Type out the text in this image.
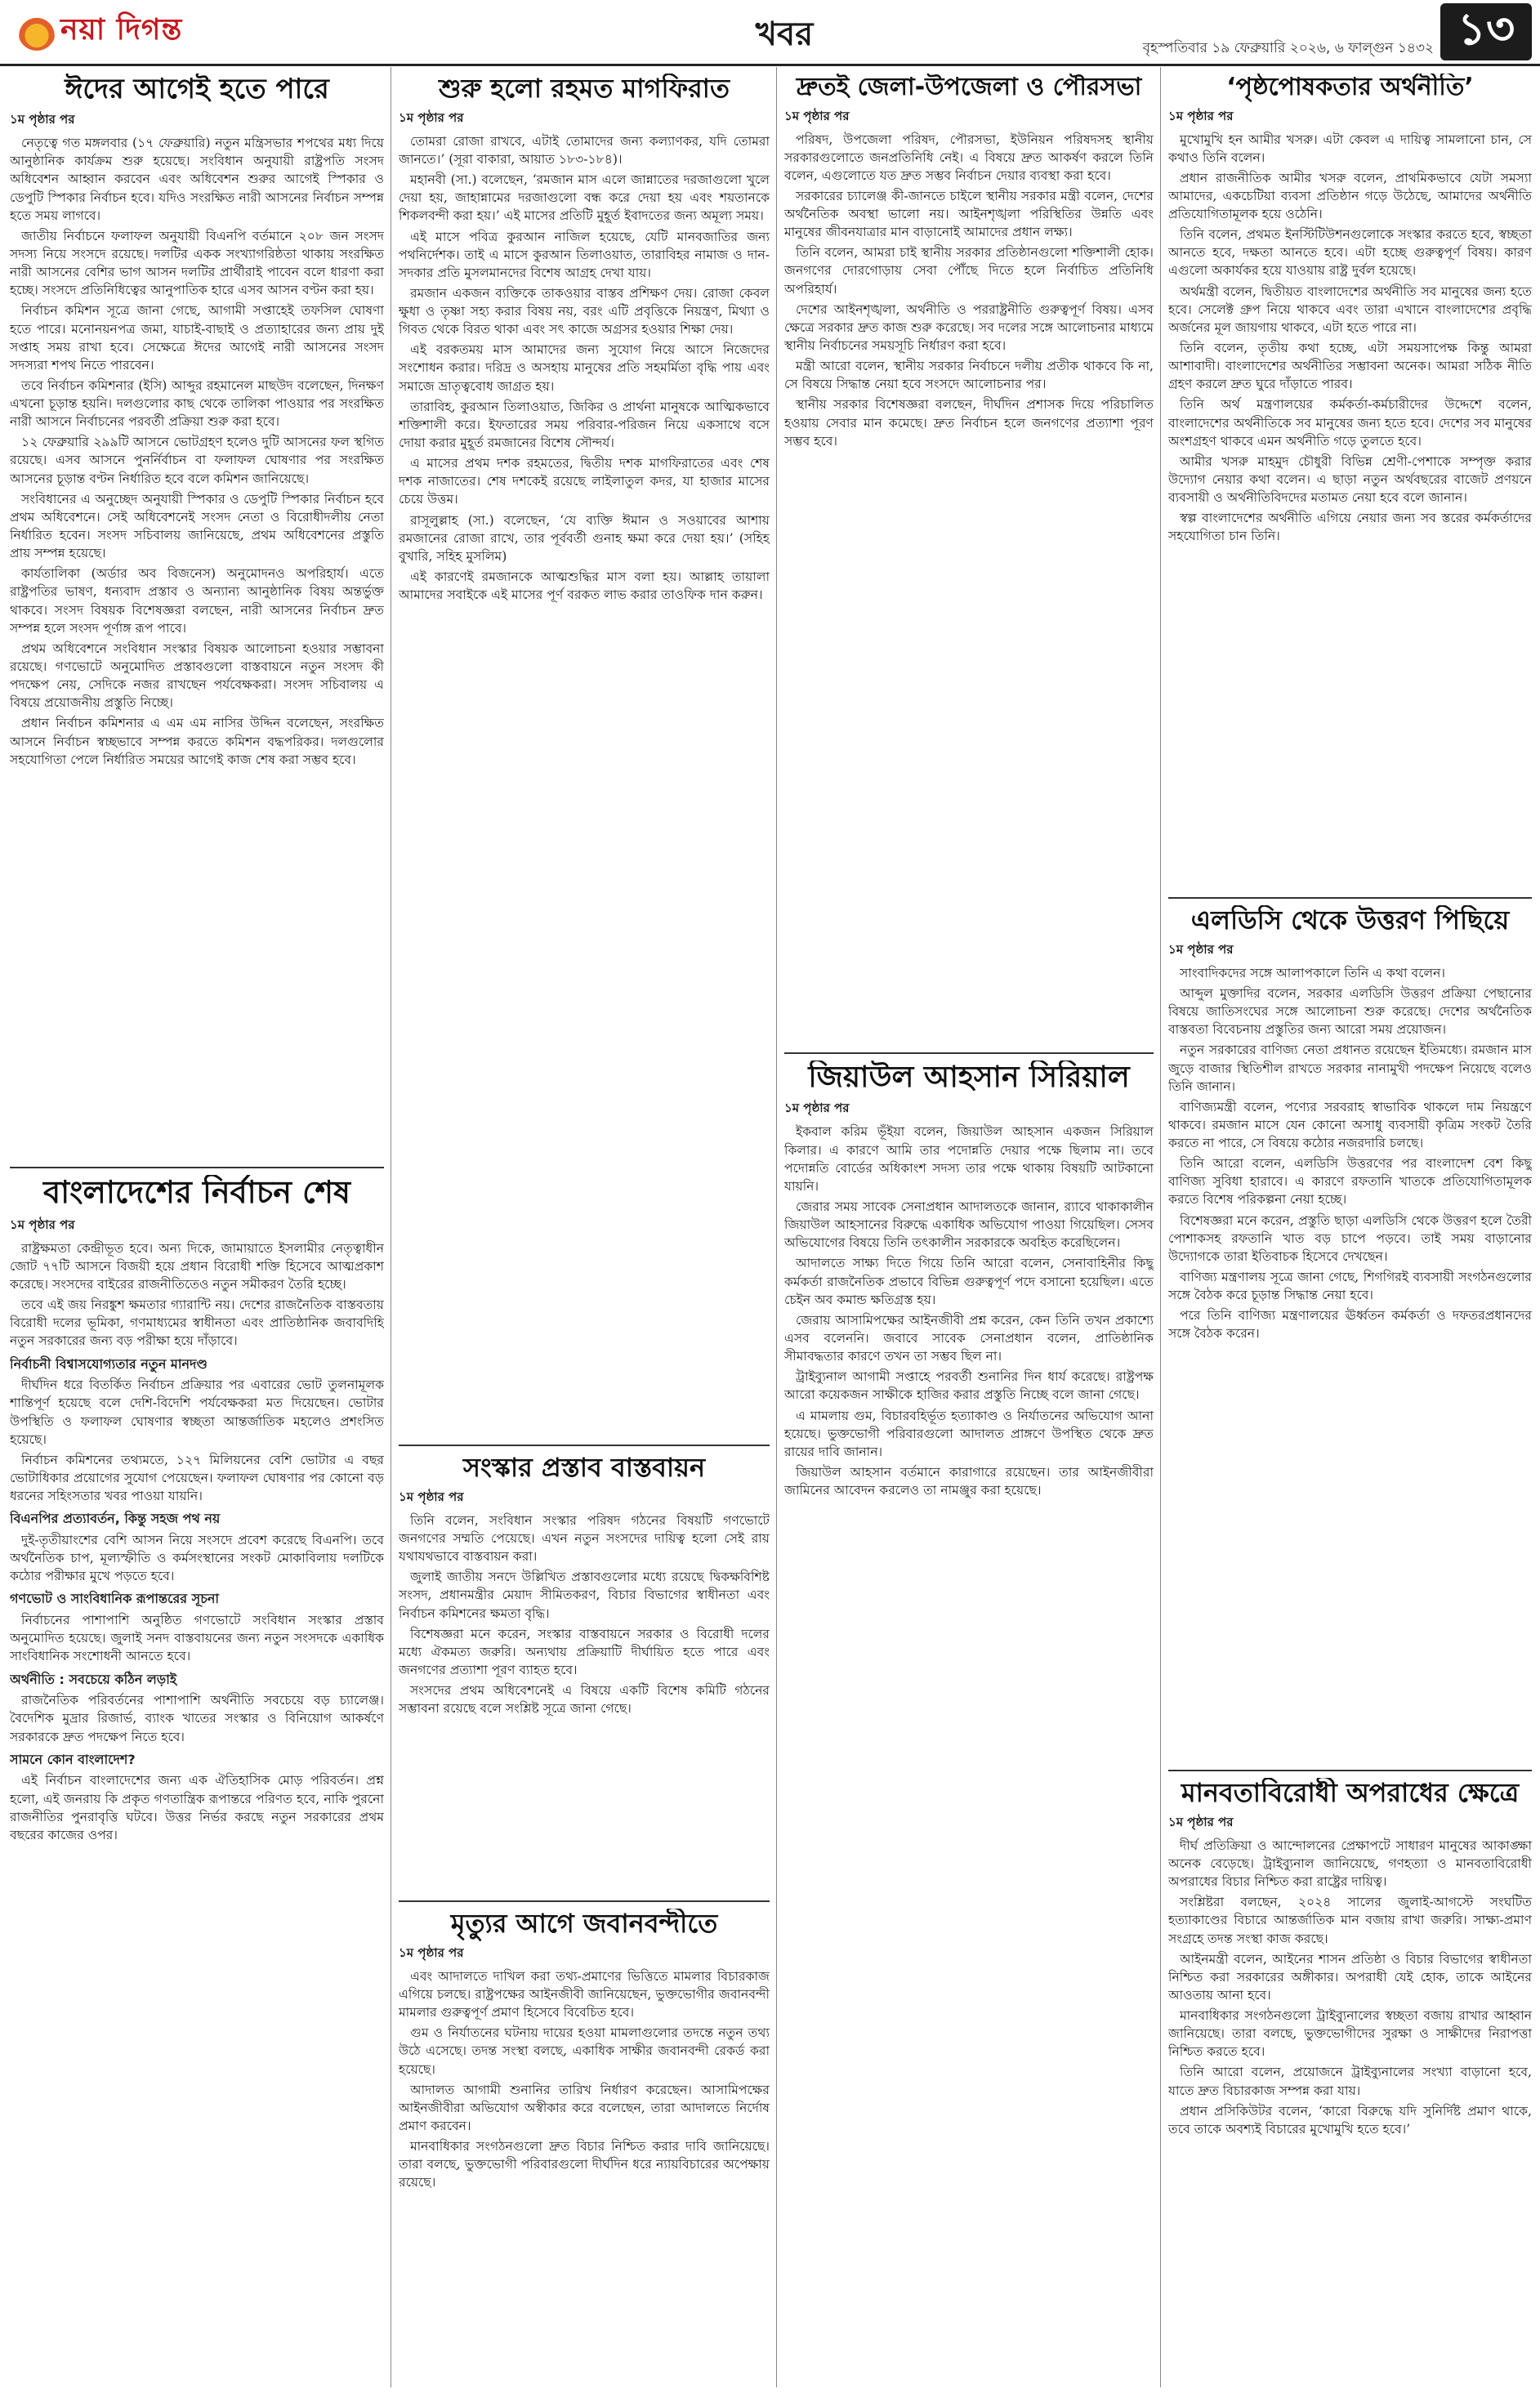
নয়া দিগন্ত	খবর	বৃহস্পতিবার ১৯ ফেব্রুয়ারি ২০২৬, ৬ ফাল্গুন ১৪৩২ ১৩
ঈদের আগেই হতে পারে
১ম পৃষ্ঠার পর

নেতৃত্বে গত মঙ্গলবার (১৭ ফেব্রুয়ারি) নতুন মন্ত্রিসভার শপথের মধ্য দিয়ে আনুষ্ঠানিক কার্যক্রম শুরু হয়েছে। সংবিধান অনুযায়ী রাষ্ট্রপতি সংসদ অধিবেশন আহ্বান করবেন এবং অধিবেশন শুরুর আগেই স্পিকার ও ডেপুটি স্পিকার নির্বাচন হবে। যদিও সংরক্ষিত নারী আসনের নির্বাচন সম্পন্ন হতে সময় লাগবে।

জাতীয় নির্বাচনে ফলাফল অনুযায়ী বিএনপি বর্তমানে ২০৮ জন সংসদ সদস্য নিয়ে সংসদে রয়েছে। দলটির একক সংখ্যাগরিষ্ঠতা থাকায় সংরক্ষিত নারী আসনের বেশির ভাগ আসন দলটির প্রার্থীরাই পাবেন বলে ধারণা করা হচ্ছে। সংসদে প্রতিনিধিত্বের আনুপাতিক হারে এসব আসন বণ্টন করা হয়।

নির্বাচন কমিশন সূত্রে জানা গেছে, আগামী সপ্তাহেই তফসিল ঘোষণা হতে পারে। মনোনয়নপত্র জমা, যাচাই-বাছাই ও প্রত্যাহারের জন্য প্রায় দুই সপ্তাহ সময় রাখা হবে। সেক্ষেত্রে ঈদের আগেই নারী আসনের সংসদ সদস্যরা শপথ নিতে পারবেন।

তবে নির্বাচন কমিশনার (ইসি) আব্দুর রহমানেল মাছউদ বলেছেন, দিনক্ষণ এখনো চূড়ান্ত হয়নি। দলগুলোর কাছ থেকে তালিকা পাওয়ার পর সংরক্ষিত নারী আসনে নির্বাচনের পরবর্তী প্রক্রিয়া শুরু করা হবে।

১২ ফেব্রুয়ারি ২৯৯টি আসনে ভোটগ্রহণ হলেও দুটি আসনের ফল স্থগিত রয়েছে। এসব আসনে পুনর্নির্বাচন বা ফলাফল ঘোষণার পর সংরক্ষিত আসনের চূড়ান্ত বণ্টন নির্ধারিত হবে বলে কমিশন জানিয়েছে।

সংবিধানের এ অনুচ্ছেদ অনুযায়ী স্পিকার ও ডেপুটি স্পিকার নির্বাচন হবে প্রথম অধিবেশনে। সেই অধিবেশনেই সংসদ নেতা ও বিরোধীদলীয় নেতা নির্ধারিত হবেন। সংসদ সচিবালয় জানিয়েছে, প্রথম অধিবেশনের প্রস্তুতি প্রায় সম্পন্ন হয়েছে।

কার্যতালিকা (অর্ডার অব বিজনেস) অনুমোদনও অপরিহার্য। এতে রাষ্ট্রপতির ভাষণ, ধন্যবাদ প্রস্তাব ও অন্যান্য আনুষ্ঠানিক বিষয় অন্তর্ভুক্ত থাকবে। সংসদ বিষয়ক বিশেষজ্ঞরা বলছেন, নারী আসনের নির্বাচন দ্রুত সম্পন্ন হলে সংসদ পূর্ণাঙ্গ রূপ পাবে।

প্রথম অধিবেশনে সংবিধান সংস্কার বিষয়ক আলোচনা হওয়ার সম্ভাবনা রয়েছে। গণভোটে অনুমোদিত প্রস্তাবগুলো বাস্তবায়নে নতুন সংসদ কী পদক্ষেপ নেয়, সেদিকে নজর রাখছেন পর্যবেক্ষকরা। সংসদ সচিবালয় এ বিষয়ে প্রয়োজনীয় প্রস্তুতি নিচ্ছে।

প্রধান নির্বাচন কমিশনার এ এম এম নাসির উদ্দিন বলেছেন, সংরক্ষিত আসনে নির্বাচন স্বচ্ছভাবে সম্পন্ন করতে কমিশন বদ্ধপরিকর। দলগুলোর সহযোগিতা পেলে নির্ধারিত সময়ের আগেই কাজ শেষ করা সম্ভব হবে।

বাংলাদেশের নির্বাচন শেষ
১ম পৃষ্ঠার পর

রাষ্ট্রক্ষমতা কেন্দ্রীভূত হবে। অন্য দিকে, জামায়াতে ইসলামীর নেতৃত্বাধীন জোট ৭৭টি আসনে বিজয়ী হয়ে প্রধান বিরোধী শক্তি হিসেবে আত্মপ্রকাশ করেছে। সংসদের বাইরের রাজনীতিতেও নতুন সমীকরণ তৈরি হচ্ছে।

তবে এই জয় নিরঙ্কুশ ক্ষমতার গ্যারান্টি নয়। দেশের রাজনৈতিক বাস্তবতায় বিরোধী দলের ভূমিকা, গণমাধ্যমের স্বাধীনতা এবং প্রাতিষ্ঠানিক জবাবদিহি নতুন সরকারের জন্য বড় পরীক্ষা হয়ে দাঁড়াবে।

নির্বাচনী বিশ্বাসযোগ্যতার নতুন মানদণ্ড

দীর্ঘদিন ধরে বিতর্কিত নির্বাচন প্রক্রিয়ার পর এবারের ভোট তুলনামূলক শান্তিপূর্ণ হয়েছে বলে দেশি-বিদেশি পর্যবেক্ষকরা মত দিয়েছেন। ভোটার উপস্থিতি ও ফলাফল ঘোষণার স্বচ্ছতা আন্তর্জাতিক মহলেও প্রশংসিত হয়েছে।

নির্বাচন কমিশনের তথ্যমতে, ১২৭ মিলিয়নের বেশি ভোটার এ বছর ভোটাধিকার প্রয়োগের সুযোগ পেয়েছেন। ফলাফল ঘোষণার পর কোনো বড় ধরনের সহিংসতার খবর পাওয়া যায়নি।

বিএনপির প্রত্যাবর্তন, কিন্তু সহজ পথ নয়

দুই-তৃতীয়াংশের বেশি আসন নিয়ে সংসদে প্রবেশ করেছে বিএনপি। তবে অর্থনৈতিক চাপ, মূল্যস্ফীতি ও কর্মসংস্থানের সংকট মোকাবিলায় দলটিকে কঠোর পরীক্ষার মুখে পড়তে হবে।

গণভোট ও সাংবিধানিক রূপান্তরের সূচনা

নির্বাচনের পাশাপাশি অনুষ্ঠিত গণভোটে সংবিধান সংস্কার প্রস্তাব অনুমোদিত হয়েছে। জুলাই সনদ বাস্তবায়নের জন্য নতুন সংসদকে একাধিক সাংবিধানিক সংশোধনী আনতে হবে।

অর্থনীতি : সবচেয়ে কঠিন লড়াই

রাজনৈতিক পরিবর্তনের পাশাপাশি অর্থনীতি সবচেয়ে বড় চ্যালেঞ্জ। বৈদেশিক মুদ্রার রিজার্ভ, ব্যাংক খাতের সংস্কার ও বিনিয়োগ আকর্ষণে সরকারকে দ্রুত পদক্ষেপ নিতে হবে।

সামনে কোন বাংলাদেশ?

এই নির্বাচন বাংলাদেশের জন্য এক ঐতিহাসিক মোড় পরিবর্তন। প্রশ্ন হলো, এই জনরায় কি প্রকৃত গণতান্ত্রিক রূপান্তরে পরিণত হবে, নাকি পুরনো রাজনীতির পুনরাবৃত্তি ঘটবে। উত্তর নির্ভর করছে নতুন সরকারের প্রথম বছরের কাজের ওপর।

শুরু হলো রহমত মাগফিরাত
১ম পৃষ্ঠার পর

তোমরা রোজা রাখবে, এটাই তোমাদের জন্য কল্যাণকর, যদি তোমরা জানতে।’ (সূরা বাকারা, আয়াত ১৮৩-১৮৪)।

মহানবী (সা.) বলেছেন, ‘রমজান মাস এলে জান্নাতের দরজাগুলো খুলে দেয়া হয়, জাহান্নামের দরজাগুলো বন্ধ করে দেয়া হয় এবং শয়তানকে শিকলবন্দী করা হয়।’ এই মাসের প্রতিটি মুহূর্ত ইবাদতের জন্য অমূল্য সময়।

এই মাসে পবিত্র কুরআন নাজিল হয়েছে, যেটি মানবজাতির জন্য পথনির্দেশক। তাই এ মাসে কুরআন তিলাওয়াত, তারাবিহর নামাজ ও দান-সদকার প্রতি মুসলমানদের বিশেষ আগ্রহ দেখা যায়।

রমজান একজন ব্যক্তিকে তাকওয়ার বাস্তব প্রশিক্ষণ দেয়। রোজা কেবল ক্ষুধা ও তৃষ্ণা সহ্য করার বিষয় নয়, বরং এটি প্রবৃত্তিকে নিয়ন্ত্রণ, মিথ্যা ও গিবত থেকে বিরত থাকা এবং সৎ কাজে অগ্রসর হওয়ার শিক্ষা দেয়।

এই বরকতময় মাস আমাদের জন্য সুযোগ নিয়ে আসে নিজেদের সংশোধন করার। দরিদ্র ও অসহায় মানুষের প্রতি সহমর্মিতা বৃদ্ধি পায় এবং সমাজে ভ্রাতৃত্ববোধ জাগ্রত হয়।

তারাবিহ, কুরআন তিলাওয়াত, জিকির ও প্রার্থনা মানুষকে আত্মিকভাবে শক্তিশালী করে। ইফতারের সময় পরিবার-পরিজন নিয়ে একসাথে বসে দোয়া করার মুহূর্ত রমজানের বিশেষ সৌন্দর্য।

এ মাসের প্রথম দশক রহমতের, দ্বিতীয় দশক মাগফিরাতের এবং শেষ দশক নাজাতের। শেষ দশকেই রয়েছে লাইলাতুল কদর, যা হাজার মাসের চেয়ে উত্তম।

রাসূলুল্লাহ (সা.) বলেছেন, ‘যে ব্যক্তি ঈমান ও সওয়াবের আশায় রমজানের রোজা রাখে, তার পূর্ববর্তী গুনাহ ক্ষমা করে দেয়া হয়।’ (সহিহ বুখারি, সহিহ মুসলিম)

এই কারণেই রমজানকে আত্মশুদ্ধির মাস বলা হয়। আল্লাহ তায়ালা আমাদের সবাইকে এই মাসের পূর্ণ বরকত লাভ করার তাওফিক দান করুন।

সংস্কার প্রস্তাব বাস্তবায়ন
১ম পৃষ্ঠার পর

তিনি বলেন, সংবিধান সংস্কার পরিষদ গঠনের বিষয়টি গণভোটে জনগণের সম্মতি পেয়েছে। এখন নতুন সংসদের দায়িত্ব হলো সেই রায় যথাযথভাবে বাস্তবায়ন করা।

জুলাই জাতীয় সনদে উল্লিখিত প্রস্তাবগুলোর মধ্যে রয়েছে দ্বিকক্ষবিশিষ্ট সংসদ, প্রধানমন্ত্রীর মেয়াদ সীমিতকরণ, বিচার বিভাগের স্বাধীনতা এবং নির্বাচন কমিশনের ক্ষমতা বৃদ্ধি।

বিশেষজ্ঞরা মনে করেন, সংস্কার বাস্তবায়নে সরকার ও বিরোধী দলের মধ্যে ঐকমত্য জরুরি। অন্যথায় প্রক্রিয়াটি দীর্ঘায়িত হতে পারে এবং জনগণের প্রত্যাশা পূরণ ব্যাহত হবে।

সংসদের প্রথম অধিবেশনেই এ বিষয়ে একটি বিশেষ কমিটি গঠনের সম্ভাবনা রয়েছে বলে সংশ্লিষ্ট সূত্রে জানা গেছে।

মৃত্যুর আগে জবানবন্দীতে
১ম পৃষ্ঠার পর

এবং আদালতে দাখিল করা তথ্য-প্রমাণের ভিত্তিতে মামলার বিচারকাজ এগিয়ে চলছে। রাষ্ট্রপক্ষের আইনজীবী জানিয়েছেন, ভুক্তভোগীর জবানবন্দী মামলার গুরুত্বপূর্ণ প্রমাণ হিসেবে বিবেচিত হবে।

গুম ও নির্যাতনের ঘটনায় দায়ের হওয়া মামলাগুলোর তদন্তে নতুন তথ্য উঠে এসেছে। তদন্ত সংস্থা বলছে, একাধিক সাক্ষীর জবানবন্দী রেকর্ড করা হয়েছে।

আদালত আগামী শুনানির তারিখ নির্ধারণ করেছেন। আসামিপক্ষের আইনজীবীরা অভিযোগ অস্বীকার করে বলেছেন, তারা আদালতে নির্দোষ প্রমাণ করবেন।

মানবাধিকার সংগঠনগুলো দ্রুত বিচার নিশ্চিত করার দাবি জানিয়েছে। তারা বলছে, ভুক্তভোগী পরিবারগুলো দীর্ঘদিন ধরে ন্যায়বিচারের অপেক্ষায় রয়েছে।

দ্রুতই জেলা-উপজেলা ও পৌরসভা
১ম পৃষ্ঠার পর

পরিষদ, উপজেলা পরিষদ, পৌরসভা, ইউনিয়ন পরিষদসহ স্থানীয় সরকারগুলোতে জনপ্রতিনিধি নেই। এ বিষয়ে দ্রুত আকর্ষণ করলে তিনি বলেন, এগুলোতে যত দ্রুত সম্ভব নির্বাচন দেয়ার ব্যবস্থা করা হবে।

সরকারের চ্যালেঞ্জ কী-জানতে চাইলে স্থানীয় সরকার মন্ত্রী বলেন, দেশের অর্থনৈতিক অবস্থা ভালো নয়। আইনশৃঙ্খলা পরিস্থিতির উন্নতি এবং মানুষের জীবনযাত্রার মান বাড়ানোই আমাদের প্রধান লক্ষ্য।

তিনি বলেন, আমরা চাই স্থানীয় সরকার প্রতিষ্ঠানগুলো শক্তিশালী হোক। জনগণের দোরগোড়ায় সেবা পৌঁছে দিতে হলে নির্বাচিত প্রতিনিধি অপরিহার্য।

দেশের আইনশৃঙ্খলা, অর্থনীতি ও পররাষ্ট্রনীতি গুরুত্বপূর্ণ বিষয়। এসব ক্ষেত্রে সরকার দ্রুত কাজ শুরু করেছে। সব দলের সঙ্গে আলোচনার মাধ্যমে স্থানীয় নির্বাচনের সময়সূচি নির্ধারণ করা হবে।

মন্ত্রী আরো বলেন, স্থানীয় সরকার নির্বাচনে দলীয় প্রতীক থাকবে কি না, সে বিষয়ে সিদ্ধান্ত নেয়া হবে সংসদে আলোচনার পর।

স্থানীয় সরকার বিশেষজ্ঞরা বলছেন, দীর্ঘদিন প্রশাসক দিয়ে পরিচালিত হওয়ায় সেবার মান কমেছে। দ্রুত নির্বাচন হলে জনগণের প্রত্যাশা পূরণ সম্ভব হবে।

জিয়াউল আহসান সিরিয়াল
১ম পৃষ্ঠার পর

ইকবাল করিম ভূঁইয়া বলেন, জিয়াউল আহসান একজন সিরিয়াল কিলার। এ কারণে আমি তার পদোন্নতি দেয়ার পক্ষে ছিলাম না। তবে পদোন্নতি বোর্ডের অধিকাংশ সদস্য তার পক্ষে থাকায় বিষয়টি আটকানো যায়নি।

জেরার সময় সাবেক সেনাপ্রধান আদালতকে জানান, র‌্যাবে থাকাকালীন জিয়াউল আহসানের বিরুদ্ধে একাধিক অভিযোগ পাওয়া গিয়েছিল। সেসব অভিযোগের বিষয়ে তিনি তৎকালীন সরকারকে অবহিত করেছিলেন।

আদালতে সাক্ষ্য দিতে গিয়ে তিনি আরো বলেন, সেনাবাহিনীর কিছু কর্মকর্তা রাজনৈতিক প্রভাবে বিভিন্ন গুরুত্বপূর্ণ পদে বসানো হয়েছিল। এতে চেইন অব কমান্ড ক্ষতিগ্রস্ত হয়।

জেরায় আসামিপক্ষের আইনজীবী প্রশ্ন করেন, কেন তিনি তখন প্রকাশ্যে এসব বলেননি। জবাবে সাবেক সেনাপ্রধান বলেন, প্রাতিষ্ঠানিক সীমাবদ্ধতার কারণে তখন তা সম্ভব ছিল না।

ট্রাইব্যুনাল আগামী সপ্তাহে পরবর্তী শুনানির দিন ধার্য করেছে। রাষ্ট্রপক্ষ আরো কয়েকজন সাক্ষীকে হাজির করার প্রস্তুতি নিচ্ছে বলে জানা গেছে।

এ মামলায় গুম, বিচারবহির্ভূত হত্যাকাণ্ড ও নির্যাতনের অভিযোগ আনা হয়েছে। ভুক্তভোগী পরিবারগুলো আদালত প্রাঙ্গণে উপস্থিত থেকে দ্রুত রায়ের দাবি জানান।

জিয়াউল আহসান বর্তমানে কারাগারে রয়েছেন। তার আইনজীবীরা জামিনের আবেদন করলেও তা নামঞ্জুর করা হয়েছে।

‘পৃষ্ঠপোষকতার অর্থনীতি’
১ম পৃষ্ঠার পর

মুখোমুখি হন আমীর খসরু। এটা কেবল এ দায়িত্ব সামলানো চান, সে কথাও তিনি বলেন।

প্রধান রাজনীতিক আমীর খসরু বলেন, প্রাথমিকভাবে যেটা সমস্যা আমাদের, একচেটিয়া ব্যবসা প্রতিষ্ঠান গড়ে উঠেছে, আমাদের অর্থনীতি প্রতিযোগিতামূলক হয়ে ওঠেনি।

তিনি বলেন, প্রথমত ইনস্টিটিউশনগুলোকে সংস্কার করতে হবে, স্বচ্ছতা আনতে হবে, দক্ষতা আনতে হবে। এটা হচ্ছে গুরুত্বপূর্ণ বিষয়। কারণ এগুলো অকার্যকর হয়ে যাওয়ায় রাষ্ট্র দুর্বল হয়েছে।

অর্থমন্ত্রী বলেন, দ্বিতীয়ত বাংলাদেশের অর্থনীতি সব মানুষের জন্য হতে হবে। সেলেক্ট গ্রুপ নিয়ে থাকবে এবং তারা এখানে বাংলাদেশের প্রবৃদ্ধি অর্জনের মূল জায়গায় থাকবে, এটা হতে পারে না।

তিনি বলেন, তৃতীয় কথা হচ্ছে, এটা সময়সাপেক্ষ কিন্তু আমরা আশাবাদী। বাংলাদেশের অর্থনীতির সম্ভাবনা অনেক। আমরা সঠিক নীতি গ্রহণ করলে দ্রুত ঘুরে দাঁড়াতে পারব।

তিনি অর্থ মন্ত্রণালয়ের কর্মকর্তা-কর্মচারীদের উদ্দেশে বলেন, বাংলাদেশের অর্থনীতিকে সব মানুষের জন্য হতে হবে। দেশের সব মানুষের অংশগ্রহণ থাকবে এমন অর্থনীতি গড়ে তুলতে হবে।

আমীর খসরু মাহমুদ চৌধুরী বিভিন্ন শ্রেণী-পেশাকে সম্পৃক্ত করার উদ্যোগ নেয়ার কথা বলেন। এ ছাড়া নতুন অর্থবছরের বাজেট প্রণয়নে ব্যবসায়ী ও অর্থনীতিবিদদের মতামত নেয়া হবে বলে জানান।

স্বল্প বাংলাদেশের অর্থনীতি এগিয়ে নেয়ার জন্য সব স্তরের কর্মকর্তাদের সহযোগিতা চান তিনি।

এলডিসি থেকে উত্তরণ পিছিয়ে
১ম পৃষ্ঠার পর

সাংবাদিকদের সঙ্গে আলাপকালে তিনি এ কথা বলেন।

আব্দুল মুক্তাদির বলেন, সরকার এলডিসি উত্তরণ প্রক্রিয়া পেছানোর বিষয়ে জাতিসংঘের সঙ্গে আলোচনা শুরু করেছে। দেশের অর্থনৈতিক বাস্তবতা বিবেচনায় প্রস্তুতির জন্য আরো সময় প্রয়োজন।

নতুন সরকারের বাণিজ্য নেতা প্রধানত রয়েছেন ইতিমধ্যে। রমজান মাস জুড়ে বাজার স্থিতিশীল রাখতে সরকার নানামুখী পদক্ষেপ নিয়েছে বলেও তিনি জানান।

বাণিজ্যমন্ত্রী বলেন, পণ্যের সরবরাহ স্বাভাবিক থাকলে দাম নিয়ন্ত্রণে থাকবে। রমজান মাসে যেন কোনো অসাধু ব্যবসায়ী কৃত্রিম সংকট তৈরি করতে না পারে, সে বিষয়ে কঠোর নজরদারি চলছে।

তিনি আরো বলেন, এলডিসি উত্তরণের পর বাংলাদেশ বেশ কিছু বাণিজ্য সুবিধা হারাবে। এ কারণে রফতানি খাতকে প্রতিযোগিতামূলক করতে বিশেষ পরিকল্পনা নেয়া হচ্ছে।

বিশেষজ্ঞরা মনে করেন, প্রস্তুতি ছাড়া এলডিসি থেকে উত্তরণ হলে তৈরী পোশাকসহ রফতানি খাত বড় চাপে পড়বে। তাই সময় বাড়ানোর উদ্যোগকে তারা ইতিবাচক হিসেবে দেখছেন।

বাণিজ্য মন্ত্রণালয় সূত্রে জানা গেছে, শিগগিরই ব্যবসায়ী সংগঠনগুলোর সঙ্গে বৈঠক করে চূড়ান্ত সিদ্ধান্ত নেয়া হবে।

পরে তিনি বাণিজ্য মন্ত্রণালয়ের ঊর্ধ্বতন কর্মকর্তা ও দফতরপ্রধানদের সঙ্গে বৈঠক করেন।

মানবতাবিরোধী অপরাধের ক্ষেত্রে
১ম পৃষ্ঠার পর

দীর্ঘ প্রতিক্রিয়া ও আন্দোলনের প্রেক্ষাপটে সাধারণ মানুষের আকাঙ্ক্ষা অনেক বেড়েছে। ট্রাইব্যুনাল জানিয়েছে, গণহত্যা ও মানবতাবিরোধী অপরাধের বিচার নিশ্চিত করা রাষ্ট্রের দায়িত্ব।

সংশ্লিষ্টরা বলছেন, ২০২৪ সালের জুলাই-আগস্টে সংঘটিত হত্যাকাণ্ডের বিচারে আন্তর্জাতিক মান বজায় রাখা জরুরি। সাক্ষ্য-প্রমাণ সংগ্রহে তদন্ত সংস্থা কাজ করছে।

আইনমন্ত্রী বলেন, আইনের শাসন প্রতিষ্ঠা ও বিচার বিভাগের স্বাধীনতা নিশ্চিত করা সরকারের অঙ্গীকার। অপরাধী যেই হোক, তাকে আইনের আওতায় আনা হবে।

মানবাধিকার সংগঠনগুলো ট্রাইব্যুনালের স্বচ্ছতা বজায় রাখার আহ্বান জানিয়েছে। তারা বলছে, ভুক্তভোগীদের সুরক্ষা ও সাক্ষীদের নিরাপত্তা নিশ্চিত করতে হবে।

তিনি আরো বলেন, প্রয়োজনে ট্রাইব্যুনালের সংখ্যা বাড়ানো হবে, যাতে দ্রুত বিচারকাজ সম্পন্ন করা যায়।

প্রধান প্রসিকিউটর বলেন, ‘কারো বিরুদ্ধে যদি সুনির্দিষ্ট প্রমাণ থাকে, তবে তাকে অবশ্যই বিচারের মুখোমুখি হতে হবে।’
